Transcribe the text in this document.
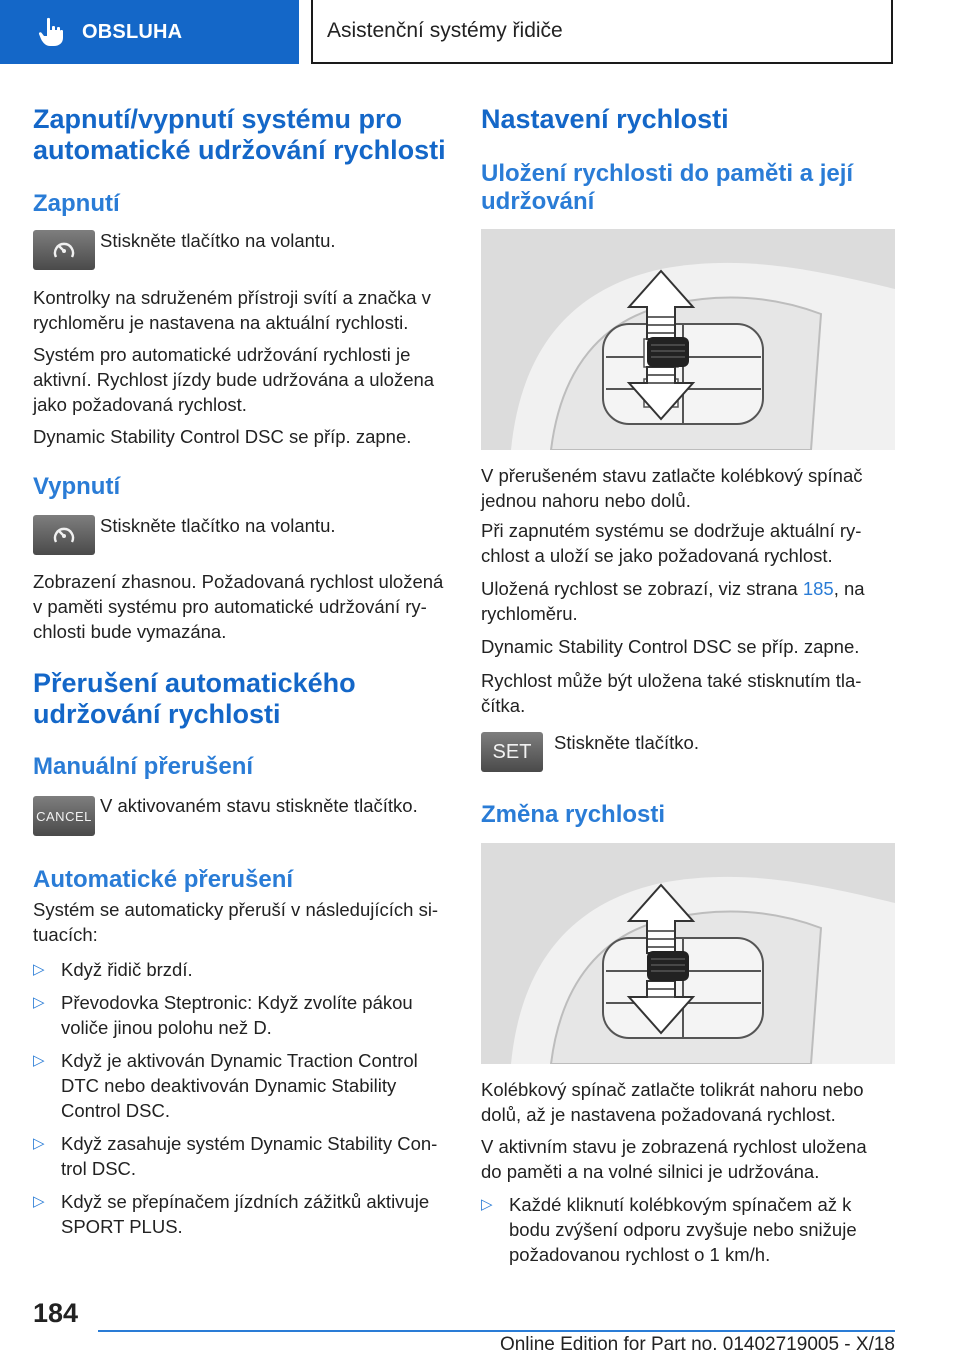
OBSLUHA	Asistenční systémy řidiče
Zapnutí/vypnutí systému pro
automatické udržování rychlosti
Zapnutí

Stiskněte tlačítko na volantu.

Kontrolky na sdruženém přístroji svítí a značka v
rychloměru je nastavena na aktuální rychlosti.

Systém pro automatické udržování rychlosti je
aktivní. Rychlost jízdy bude udržována a uložena
jako požadovaná rychlost.

Dynamic Stability Control DSC se příp. zapne.

Vypnutí

Stiskněte tlačítko na volantu.

Zobrazení zhasnou. Požadovaná rychlost uložená
v paměti systému pro automatické udržování ry-
chlosti bude vymazána.

Přerušení automatického
udržování rychlosti
Manuální přerušení
CANCEL V aktivovaném stavu stiskněte tlačítko.

Automatické přerušení

Systém se automaticky přeruší v následujících si-
tuacích:

▷ Když řidič brzdí.
▷ Převodovka Steptronic: Když zvolíte pákou
voliče jinou polohu než D.
▷ Když je aktivován Dynamic Traction Control
DTC nebo deaktivován Dynamic Stability
Control DSC.
▷ Když zasahuje systém Dynamic Stability Con-
trol DSC.
▷ Když se přepínačem jízdních zážitků aktivuje
SPORT PLUS.
Nastavení rychlosti
Uložení rychlosti do paměti a její
udržování

V přerušeném stavu zatlačte kolébkový spínač
jednou nahoru nebo dolů.

Při zapnutém systému se dodržuje aktuální ry-
chlost a uloží se jako požadovaná rychlost.

Uložená rychlost se zobrazí, viz strana 185, na
rychloměru.

Dynamic Stability Control DSC se příp. zapne.

Rychlost může být uložena také stisknutím tla-
čítka.

SET Stiskněte tlačítko.

Změna rychlosti

Kolébkový spínač zatlačte tolikrát nahoru nebo
dolů, až je nastavena požadovaná rychlost.

V aktivním stavu je zobrazená rychlost uložena
do paměti a na volné silnici je udržována.

▷ Každé kliknutí kolébkovým spínačem až k
bodu zvýšení odporu zvyšuje nebo snižuje
požadovanou rychlost o 1 km/h.
184
Online Edition for Part no. 01402719005 - X/18
